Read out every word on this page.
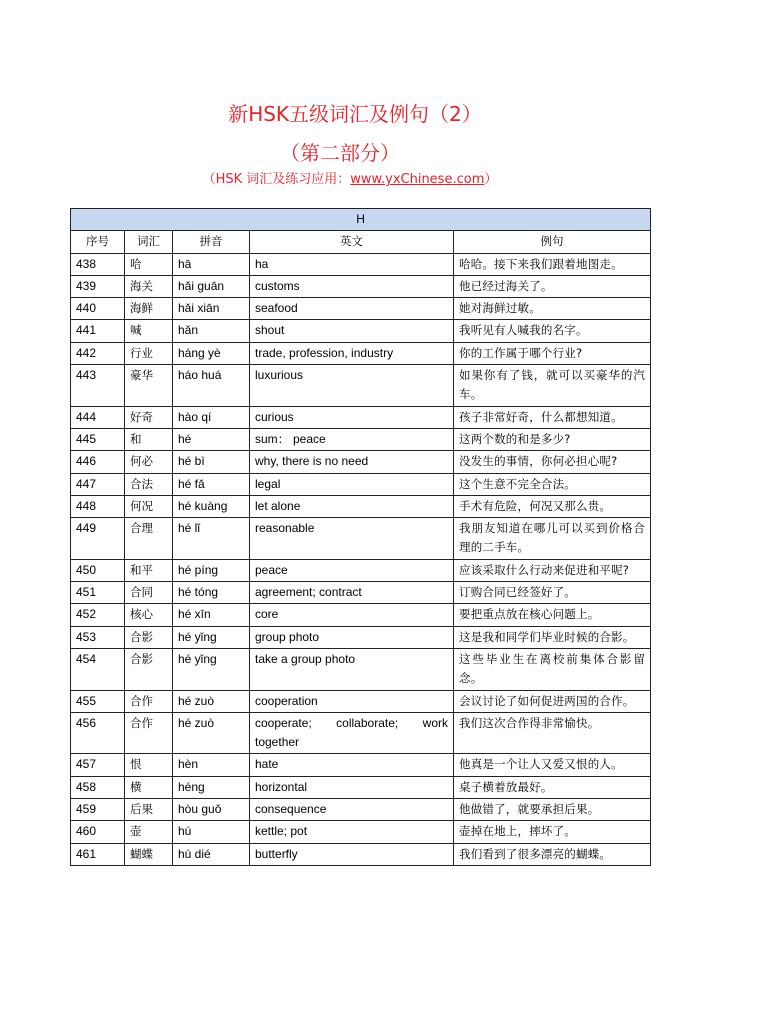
新HSK五级词汇及例句（2）
（第二部分）
（HSK 词汇及练习应用：www.yxChinese.com）
H				
序号	词汇	拼音	英文	例句
438	哈	hā	ha	哈哈。接下来我们跟着地图走。
439	海关	hǎi guān	customs	他已经过海关了。
440	海鲜	hǎi xiān	seafood	她对海鲜过敏。
441	喊	hǎn	shout	我听见有人喊我的名字。
442	行业	háng yè	trade, profession, industry	你的工作属于哪个行业?
443	豪华	háo huá	luxurious	如果你有了钱，就可以买豪华的汽车。
444	好奇	hào qí	curious	孩子非常好奇，什么都想知道。
445	和	hé	sum： peace	这两个数的和是多少?
446	何必	hé bì	why, there is no need	没发生的事情，你何必担心呢?
447	合法	hé fǎ	legal	这个生意不完全合法。
448	何况	hé kuàng	let alone	手术有危险，何况又那么贵。
449	合理	hé lǐ	reasonable	我朋友知道在哪儿可以买到价格合理的二手车。
450	和平	hé píng	peace	应该采取什么行动来促进和平呢?
451	合同	hé tóng	agreement; contract	订购合同已经签好了。
452	核心	hé xīn	core	要把重点放在核心问题上。
453	合影	hé yǐng	group photo	这是我和同学们毕业时候的合影。
454	合影	hé yǐng	take a group photo	这些毕业生在离校前集体合影留念。
455	合作	hé zuò	cooperation	会议讨论了如何促进两国的合作。
456	合作	hé zuò	cooperate; collaborate; work together	我们这次合作得非常愉快。
457	恨	hèn	hate	他真是一个让人又爱又恨的人。
458	横	héng	horizontal	桌子横着放最好。
459	后果	hòu guǒ	consequence	他做错了，就要承担后果。
460	壶	hú	kettle; pot	壶掉在地上，摔坏了。
461	蝴蝶	hú dié	butterfly	我们看到了很多漂亮的蝴蝶。
